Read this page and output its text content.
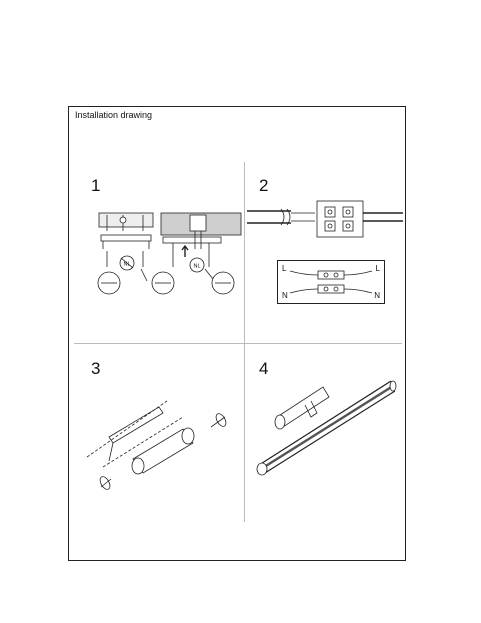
Installation drawing
1	2
3	4
NL	NL	L	L
N	N
